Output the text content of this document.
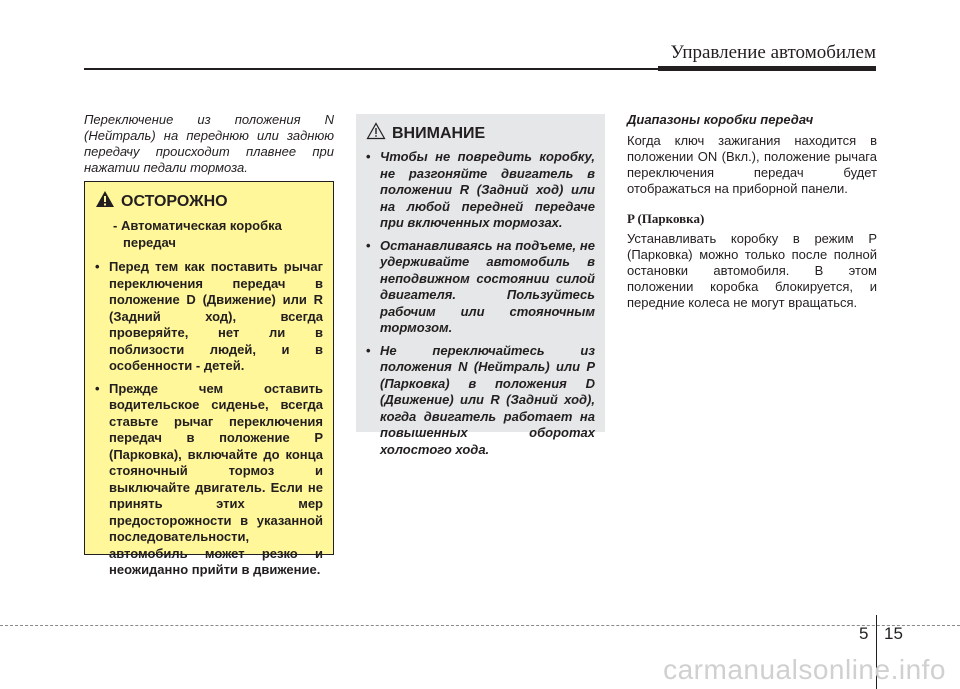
Управление автомобилем

Переключение из положения N (Нейтраль) на переднюю или заднюю передачу происходит плавнее при нажатии педали тормоза.

ОСТОРОЖНО
- Автоматическая коробка передач
• Перед тем как поставить рычаг переключения передач в положение D (Движение) или R (Задний ход), всегда проверяйте, нет ли в поблизости людей, и в особенности - детей.
• Прежде чем оставить водительское сиденье, всегда ставьте рычаг переключения передач в положение P (Парковка), включайте до конца стояночный тормоз и выключайте двигатель. Если не принять этих мер предосторожности в указанной последовательности, автомобиль может резко и неожиданно прийти в движение.
ВНИМАНИЕ
• Чтобы не повредить коробку, не разгоняйте двигатель в положении R (Задний ход) или на любой передней передаче при включенных тормозах.
• Останавливаясь на подъеме, не удерживайте автомобиль в неподвижном состоянии силой двигателя. Пользуйтесь рабочим или стояночным тормозом.
• Не переключайтесь из положения N (Нейтраль) или P (Парковка) в положения D (Движение) или R (Задний ход), когда двигатель работает на повышенных оборотах холостого хода.

Диапазоны коробки передач

Когда ключ зажигания находится в положении ON (Вкл.), положение рычага переключения передач будет отображаться на приборной панели.

P (Парковка)

Устанавливать коробку в режим P (Парковка) можно только после полной остановки автомобиля. В этом положении коробка блокируется, и передние колеса не могут вращаться.

5 15
carmanualsonline.info
